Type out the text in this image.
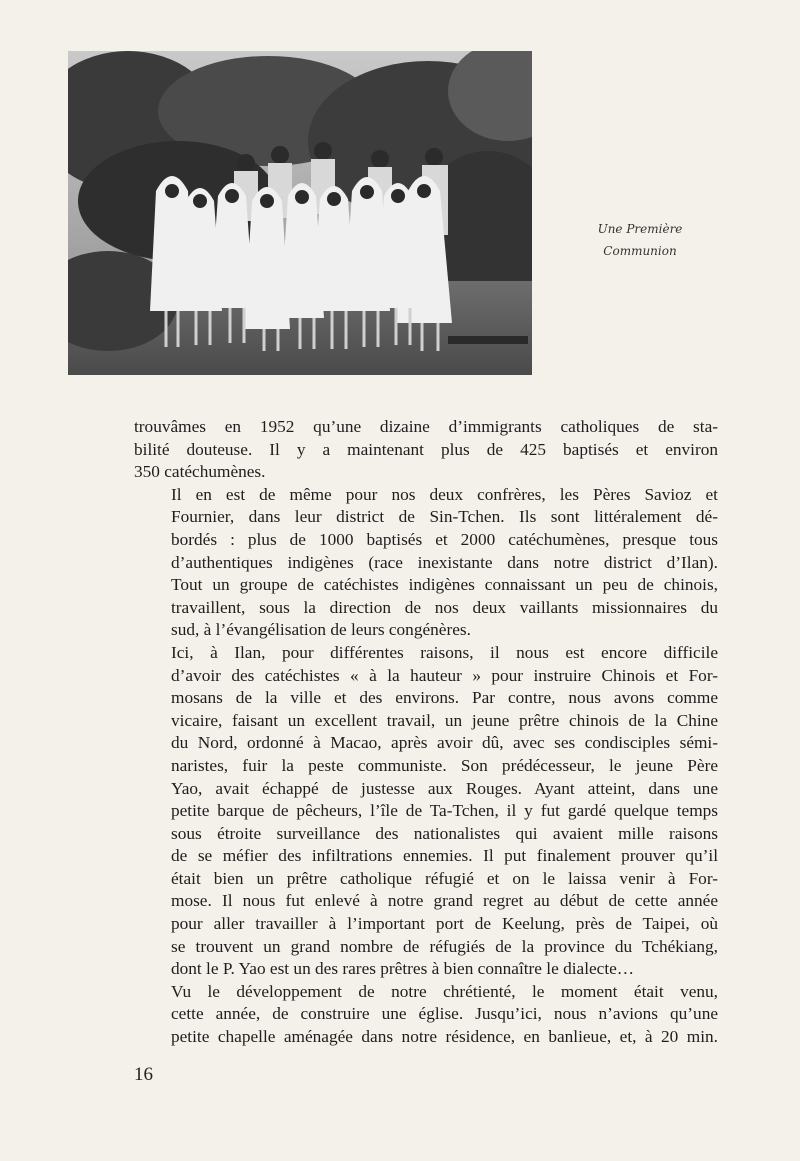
Une Première
Communion

trouvâmes en 1952 qu’une dizaine d’immigrants catholiques de sta-
bilité douteuse. Il y a maintenant plus de 425 baptisés et environ
350 catéchumènes.

Il en est de même pour nos deux confrères, les Pères Savioz et
Fournier, dans leur district de Sin-Tchen. Ils sont littéralement dé-
bordés : plus de 1000 baptisés et 2000 catéchumènes, presque tous
d’authentiques indigènes (race inexistante dans notre district d’Ilan).
Tout un groupe de catéchistes indigènes connaissant un peu de chinois,
travaillent, sous la direction de nos deux vaillants missionnaires du
sud, à l’évangélisation de leurs congénères.

Ici, à Ilan, pour différentes raisons, il nous est encore difficile
d’avoir des catéchistes « à la hauteur » pour instruire Chinois et For-
mosans de la ville et des environs. Par contre, nous avons comme
vicaire, faisant un excellent travail, un jeune prêtre chinois de la Chine
du Nord, ordonné à Macao, après avoir dû, avec ses condisciples sémi-
naristes, fuir la peste communiste. Son prédécesseur, le jeune Père
Yao, avait échappé de justesse aux Rouges. Ayant atteint, dans une
petite barque de pêcheurs, l’île de Ta-Tchen, il y fut gardé quelque temps
sous étroite surveillance des nationalistes qui avaient mille raisons
de se méfier des infiltrations ennemies. Il put finalement prouver qu’il
était bien un prêtre catholique réfugié et on le laissa venir à For-
mose. Il nous fut enlevé à notre grand regret au début de cette année
pour aller travailler à l’important port de Keelung, près de Taipei, où
se trouvent un grand nombre de réfugiés de la province du Tchékiang,
dont le P. Yao est un des rares prêtres à bien connaître le dialecte…

Vu le développement de notre chrétienté, le moment était venu,
cette année, de construire une église. Jusqu’ici, nous n’avions qu’une
petite chapelle aménagée dans notre résidence, en banlieue, et, à 20 min.

16
